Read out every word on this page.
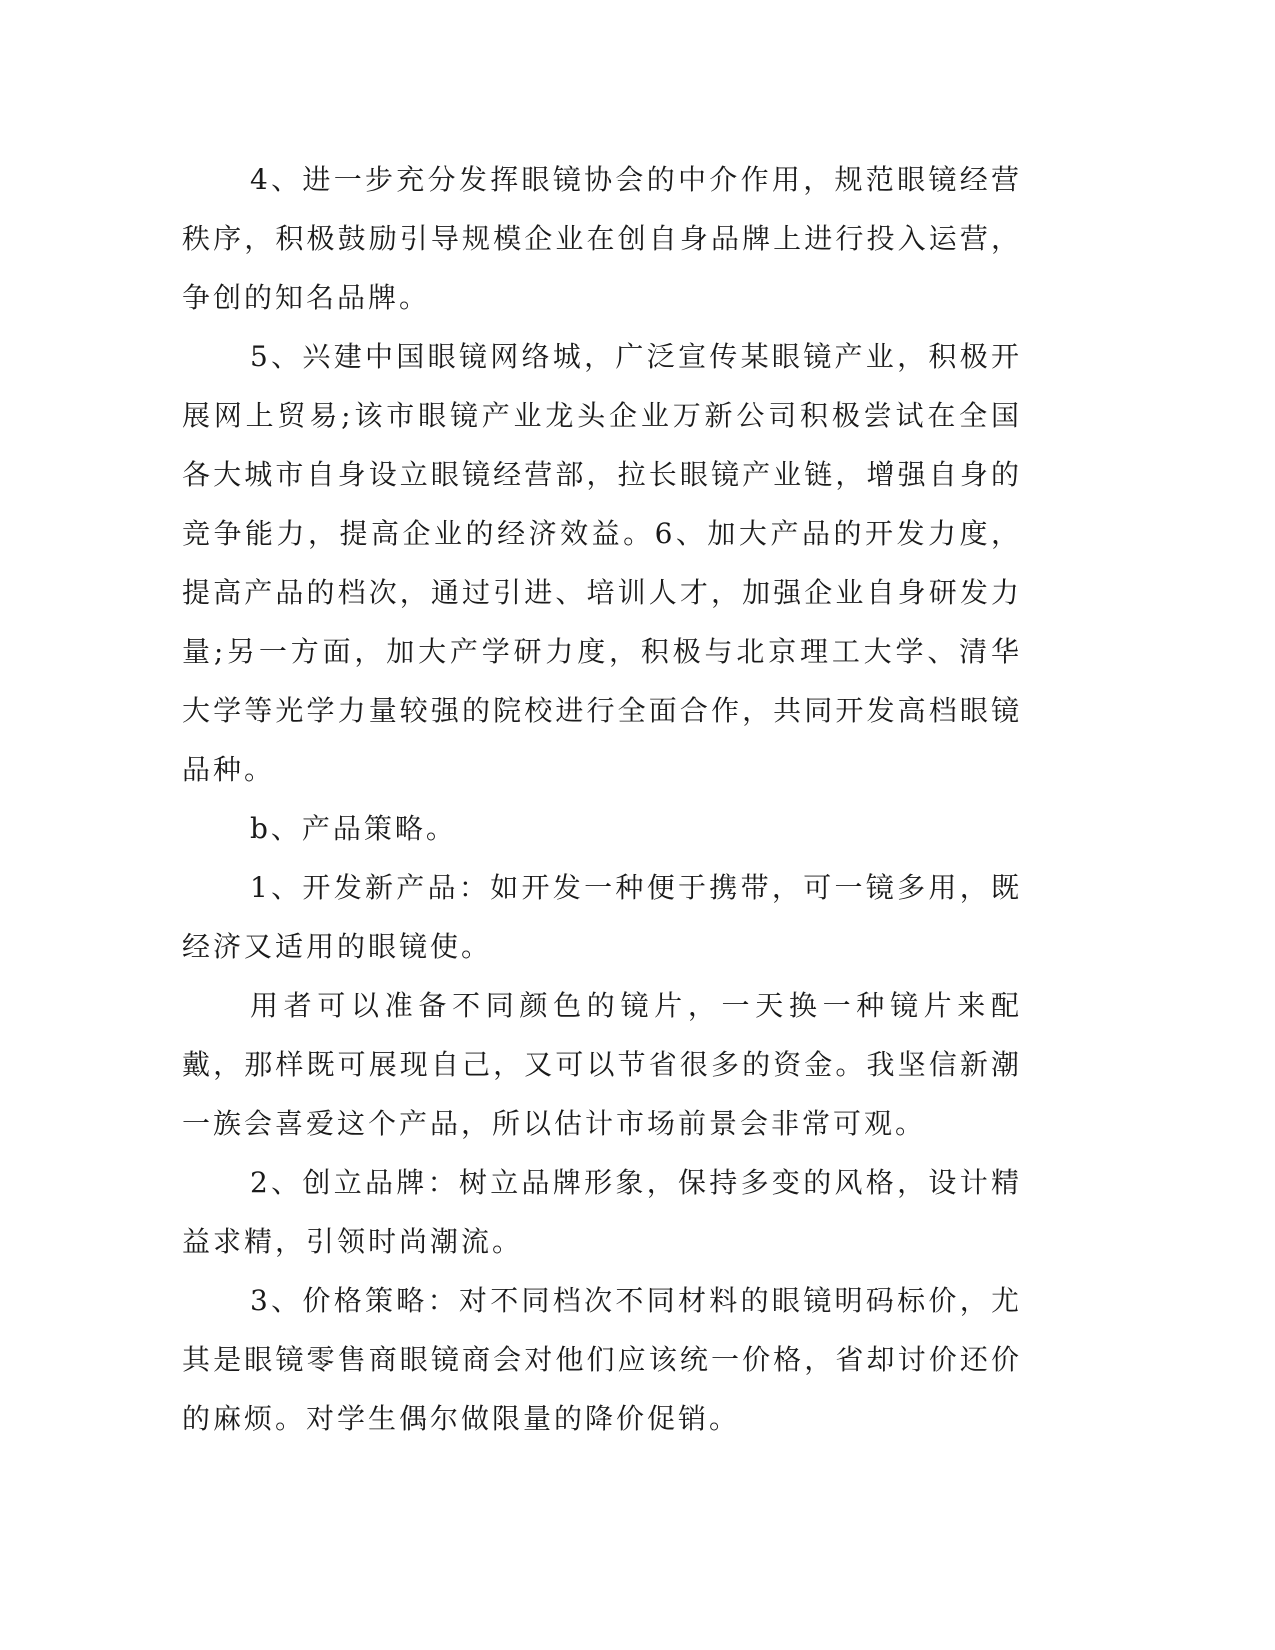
4、进一步充分发挥眼镜协会的中介作用，规范眼镜经营秩序，积极鼓励引导规模企业在创自身品牌上进行投入运营，争创的知名品牌。

5、兴建中国眼镜网络城，广泛宣传某眼镜产业，积极开展网上贸易;该市眼镜产业龙头企业万新公司积极尝试在全国各大城市自身设立眼镜经营部，拉长眼镜产业链，增强自身的竞争能力，提高企业的经济效益。6、加大产品的开发力度，提高产品的档次，通过引进、培训人才，加强企业自身研发力量;另一方面，加大产学研力度，积极与北京理工大学、清华大学等光学力量较强的院校进行全面合作，共同开发高档眼镜品种。

b、产品策略。

1、开发新产品：如开发一种便于携带，可一镜多用，既经济又适用的眼镜使。

用者可以准备不同颜色的镜片，一天换一种镜片来配戴，那样既可展现自己，又可以节省很多的资金。我坚信新潮一族会喜爱这个产品，所以估计市场前景会非常可观。

2、创立品牌：树立品牌形象，保持多变的风格，设计精益求精，引领时尚潮流。

3、价格策略：对不同档次不同材料的眼镜明码标价，尤其是眼镜零售商眼镜商会对他们应该统一价格，省却讨价还价的麻烦。对学生偶尔做限量的降价促销。
